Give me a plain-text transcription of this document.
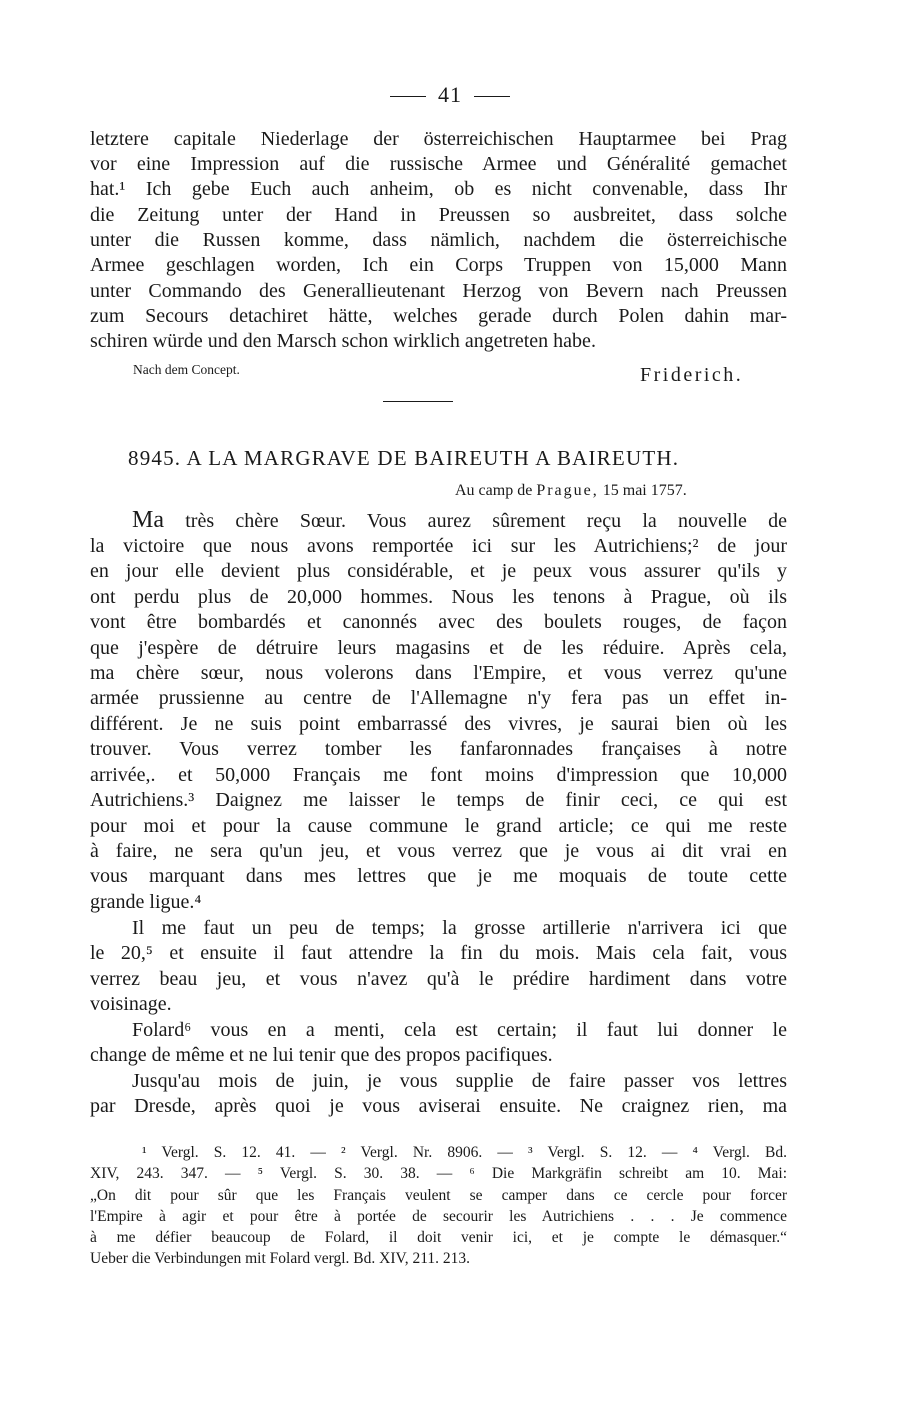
41
letztere capitale Niederlage der österreichischen Hauptarmee bei Prag
vor eine Impression auf die russische Armee und Généralité gemachet
hat.¹ Ich gebe Euch auch anheim, ob es nicht convenable, dass Ihr
die Zeitung unter der Hand in Preussen so ausbreitet, dass solche
unter die Russen komme, dass nämlich, nachdem die österreichische
Armee geschlagen worden, Ich ein Corps Truppen von 15,000 Mann
unter Commando des Generallieutenant Herzog von Bevern nach Preussen
zum Secours detachiret hätte, welches gerade durch Polen dahin mar-
schiren würde und den Marsch schon wirklich angetreten habe.
Nach dem Concept.	Friderich.
8945. A LA MARGRAVE DE BAIREUTH A BAIREUTH.
Au camp de Prague, 15 mai 1757.
Ma très chère Sœur. Vous aurez sûrement reçu la nouvelle de
la victoire que nous avons remportée ici sur les Autrichiens;² de jour
en jour elle devient plus considérable, et je peux vous assurer qu'ils y
ont perdu plus de 20,000 hommes. Nous les tenons à Prague, où ils
vont être bombardés et canonnés avec des boulets rouges, de façon
que j'espère de détruire leurs magasins et de les réduire. Après cela,
ma chère sœur, nous volerons dans l'Empire, et vous verrez qu'une
armée prussienne au centre de l'Allemagne n'y fera pas un effet in-
différent. Je ne suis point embarrassé des vivres, je saurai bien où les
trouver. Vous verrez tomber les fanfaronnades françaises à notre
arrivée,. et 50,000 Français me font moins d'impression que 10,000
Autrichiens.³ Daignez me laisser le temps de finir ceci, ce qui est
pour moi et pour la cause commune le grand article; ce qui me reste
à faire, ne sera qu'un jeu, et vous verrez que je vous ai dit vrai en
vous marquant dans mes lettres que je me moquais de toute cette
grande ligue.⁴
Il me faut un peu de temps; la grosse artillerie n'arrivera ici que
le 20,⁵ et ensuite il faut attendre la fin du mois. Mais cela fait, vous
verrez beau jeu, et vous n'avez qu'à le prédire hardiment dans votre
voisinage.
Folard⁶ vous en a menti, cela est certain; il faut lui donner le
change de même et ne lui tenir que des propos pacifiques.
Jusqu'au mois de juin, je vous supplie de faire passer vos lettres
par Dresde, après quoi je vous aviserai ensuite. Ne craignez rien, ma
¹ Vergl. S. 12. 41. — ² Vergl. Nr. 8906. — ³ Vergl. S. 12. — ⁴ Vergl. Bd.
XIV, 243. 347. — ⁵ Vergl. S. 30. 38. — ⁶ Die Markgräfin schreibt am 10. Mai:
„On dit pour sûr que les Français veulent se camper dans ce cercle pour forcer
l'Empire à agir et pour être à portée de secourir les Autrichiens . . . Je commence
à me défier beaucoup de Folard, il doit venir ici, et je compte le démasquer.“
Ueber die Verbindungen mit Folard vergl. Bd. XIV, 211. 213.
